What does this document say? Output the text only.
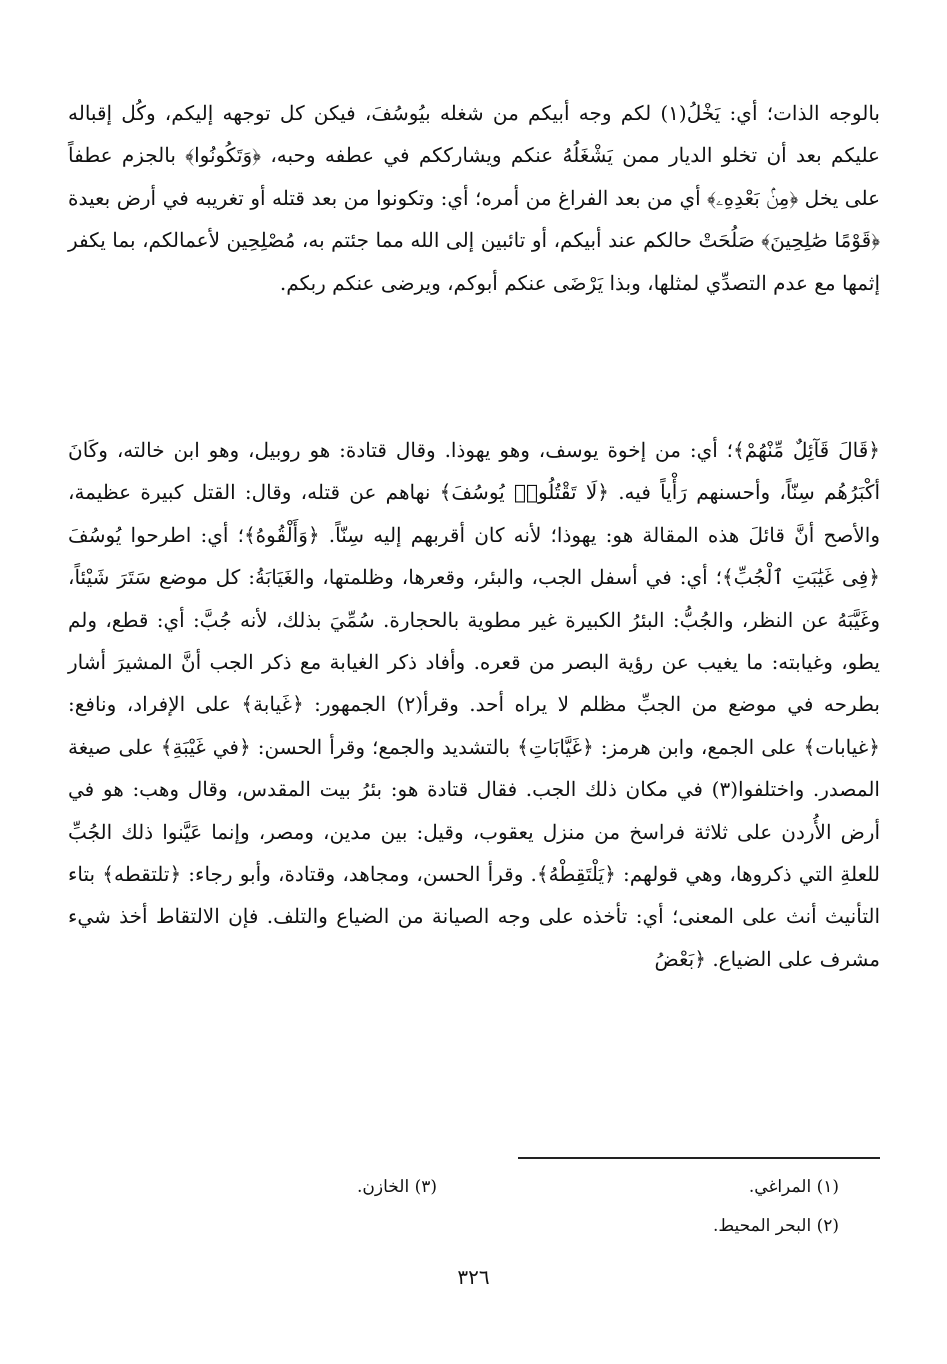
بالوجه الذات؛ أي: يَخْلُ(١) لكم وجه أبيكم من شغله بيُوسُفَ، فيكن كل توجهه إليكم، وكُل إقباله عليكم بعد أن تخلو الديار ممن يَشْغَلُهُ عنكم ويشارككم في عطفه وحبه، ﴿وَتَكُونُوا﴾ بالجزم عطفاً على يخل ﴿مِنۢ بَعْدِهِۦ﴾ أي من بعد الفراغ من أمره؛ أي: وتكونوا من بعد قتله أو تغريبه في أرض بعيدة ﴿قَوْمًا صَٰلِحِينَ﴾ صَلُحَتْ حالكم عند أبيكم، أو تائبين إلى الله مما جئتم به، مُصْلِحِين لأعمالكم، بما يكفر إثمها مع عدم التصدِّي لمثلها، وبذا يَرْضَى عنكم أبوكم، ويرضى عنكم ربكم.

﴿قَالَ قَآئِلٌ مِّنْهُمْ﴾؛ أي: من إخوة يوسف، وهو يهوذا. وقال قتادة: هو روبيل، وهو ابن خالته، وكَانَ أكْبَرُهُم سِنّاً، وأحسنهم رَأْياً فيه. ﴿لَا تَقْتُلُوا۟ يُوسُفَ﴾ نهاهم عن قتله، وقال: القتل كبيرة عظيمة، والأصح أنَّ قائلَ هذه المقالة هو: يهوذا؛ لأنه كان أقربهم إليه سِنّاً. ﴿وَأَلْقُوهُ﴾؛ أي: اطرحوا يُوسُفَ ﴿فِى غَيَٰبَتِ ٱلْجُبِّ﴾؛ أي: في أسفل الجب، والبئر، وقعرها، وظلمتها، والغَيَابَةُ: كل موضع سَتَرَ شَيْئاً، وغَيَّبَهُ عن النظر، والجُبُّ: البئرُ الكبيرة غير مطوية بالحجارة. سُمِّيَ بذلك، لأنه جُبَّ: أي: قطع، ولم يطو، وغيابته: ما يغيب عن رؤية البصر من قعره. وأفاد ذكر الغيابة مع ذكر الجب أنَّ المشيرَ أشار بطرحه في موضع من الجبِّ مظلم لا يراه أحد. وقرأ(٢) الجمهور: ﴿غَيابة﴾ على الإفراد، ونافع: ﴿غيابات﴾ على الجمع، وابن هرمز: ﴿غَيَّابَاتِ﴾ بالتشديد والجمع؛ وقرأ الحسن: ﴿في غَيْبَةِ﴾ على صيغة المصدر. واختلفوا(٣) في مكان ذلك الجب. فقال قتادة هو: بئرُ بيت المقدس، وقال وهب: هو في أرض الأُردن على ثلاثة فراسخ من منزل يعقوب، وقيل: بين مدين، ومصر، وإنما عَيَّنوا ذلك الجُبِّ للعلةِ التي ذكروها، وهي قولهم: ﴿يَلْتَقِطْهُ﴾. وقرأ الحسن، ومجاهد، وقتادة، وأبو رجاء: ﴿تلتقطه﴾ بتاء التأنيث أنث على المعنى؛ أي: تأخذه على وجه الصيانة من الضياع والتلف. فإن الالتقاط أخذ شيء مشرف على الضياع. ﴿بَعْضُ

(١) المراغي.
(٣) الخازن.
(٢) البحر المحيط.
٣٢٦
